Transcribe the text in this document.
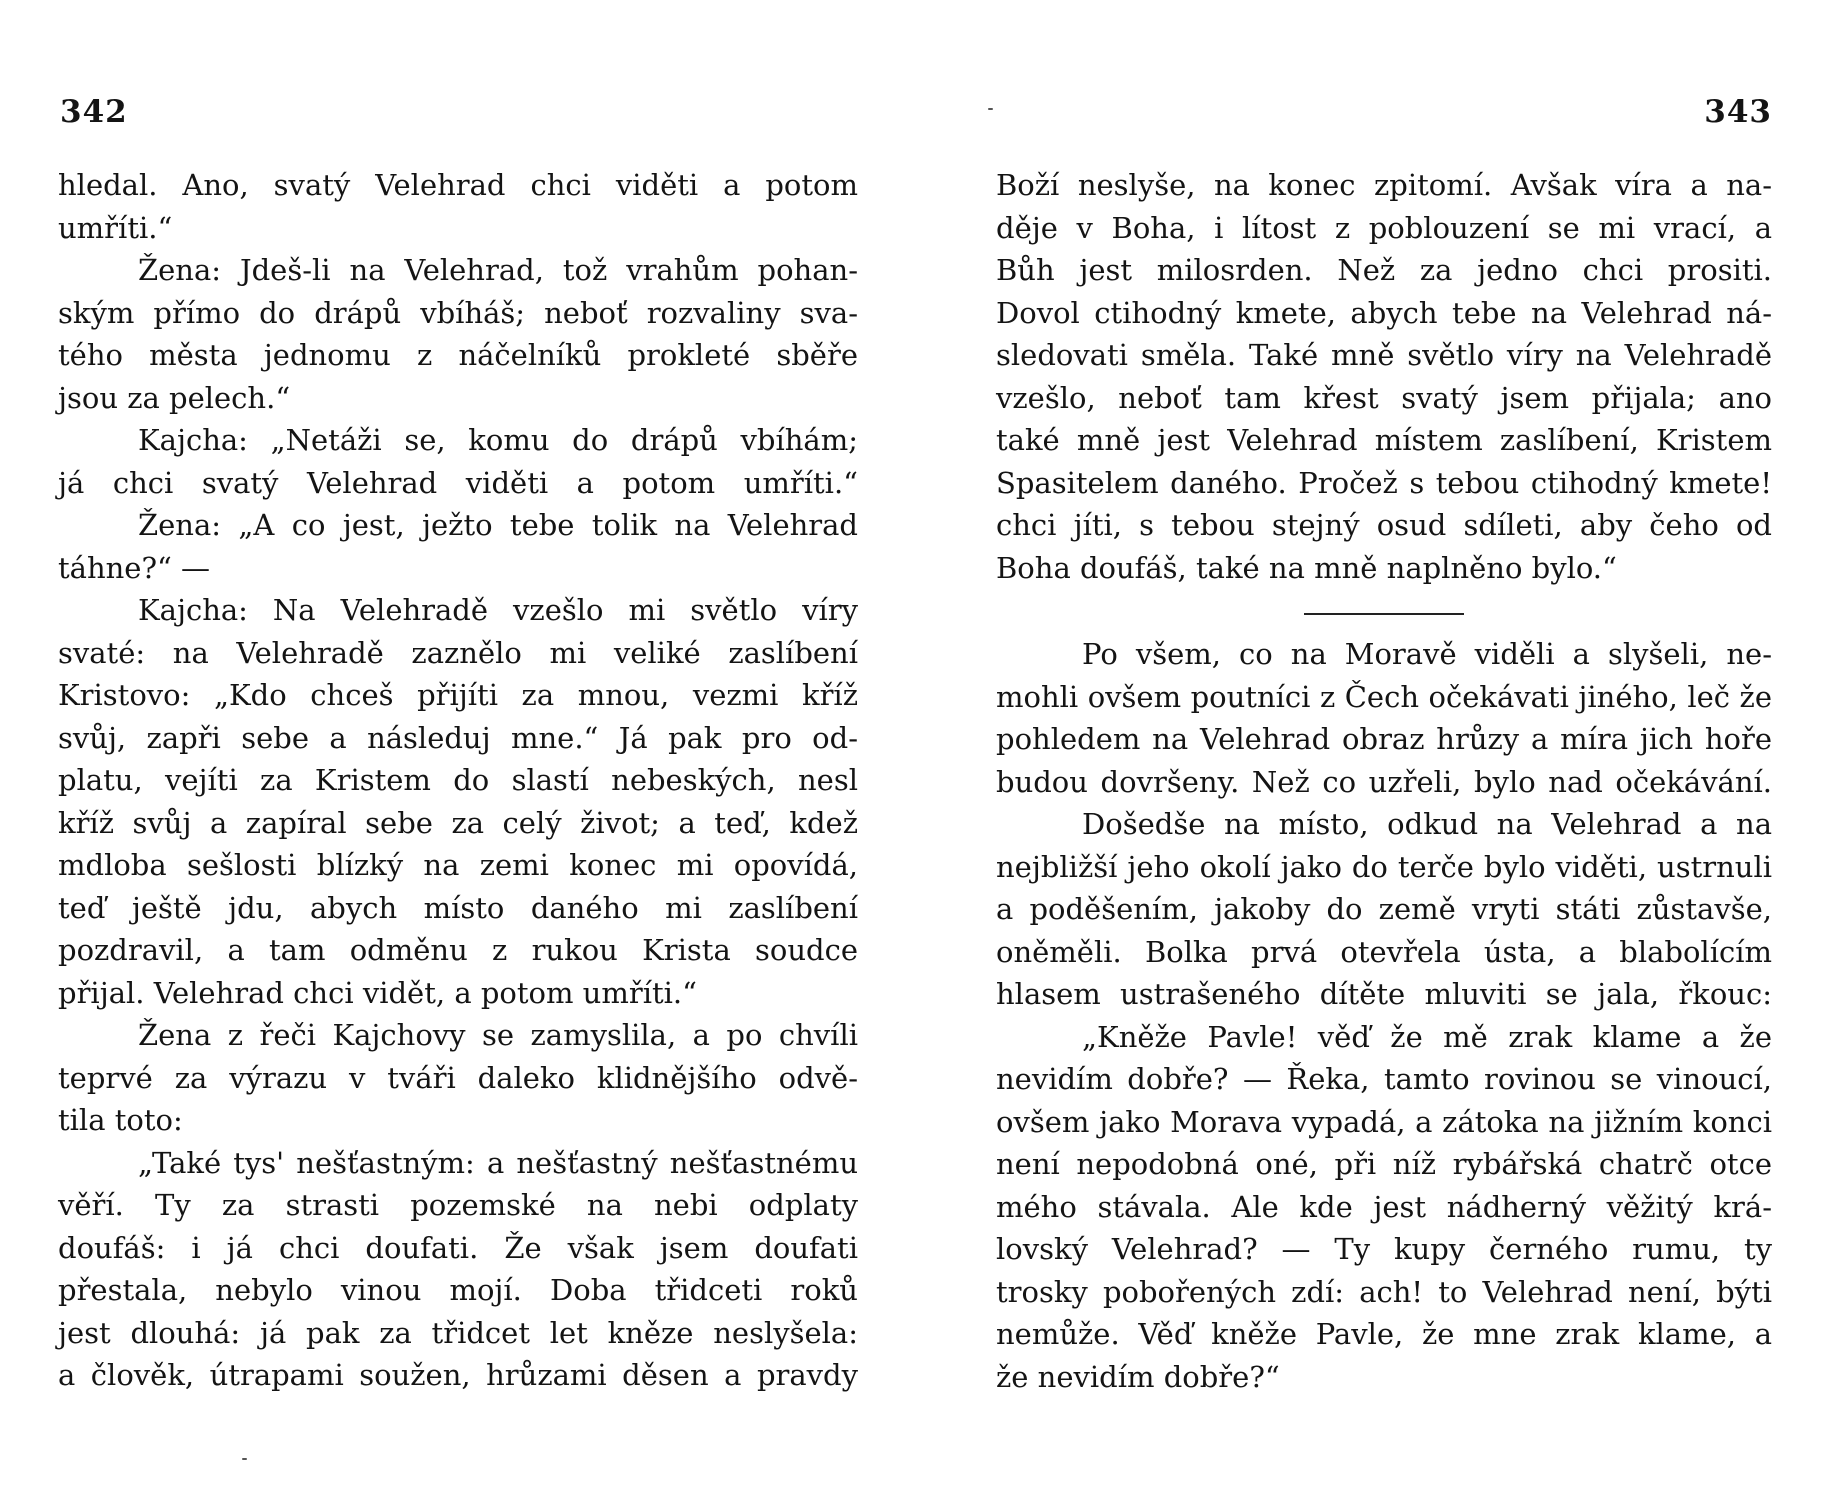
342
hledal. Ano, svatý Velehrad chci viděti a potom
umříti.“
Žena: Jdeš-li na Velehrad, tož vrahům pohan-
ským přímo do drápů vbíháš; neboť rozvaliny sva-
tého města jednomu z náčelníků prokleté sběře
jsou za pelech.“
Kajcha: „Netáži se, komu do drápů vbíhám;
já chci svatý Velehrad viděti a potom umříti.“
Žena: „A co jest, ježto tebe tolik na Velehrad
táhne?“ —
Kajcha: Na Velehradě vzešlo mi světlo víry
svaté: na Velehradě zaznělo mi veliké zaslíbení
Kristovo: „Kdo chceš přijíti za mnou, vezmi kříž
svůj, zapři sebe a následuj mne.“ Já pak pro od-
platu, vejíti za Kristem do slastí nebeských, nesl
kříž svůj a zapíral sebe za celý život; a teď, kdež
mdloba sešlosti blízký na zemi konec mi opovídá,
teď ještě jdu, abych místo daného mi zaslíbení
pozdravil, a tam odměnu z rukou Krista soudce
přijal. Velehrad chci vidět, a potom umříti.“
Žena z řeči Kajchovy se zamyslila, a po chvíli
teprvé za výrazu v tváři daleko klidnějšího odvě-
tila toto:
„Také tys' nešťastným: a nešťastný nešťastnému
věří. Ty za strasti pozemské na nebi odplaty
doufáš: i já chci doufati. Že však jsem doufati
přestala, nebylo vinou mojí. Doba třidceti roků
jest dlouhá: já pak za třidcet let kněze neslyšela:
a člověk, útrapami soužen, hrůzami děsen a pravdy
343
Boží neslyše, na konec zpitomí. Avšak víra a na-
děje v Boha, i lítost z poblouzení se mi vrací, a
Bůh jest milosrden. Než za jedno chci prositi.
Dovol ctihodný kmete, abych tebe na Velehrad ná-
sledovati směla. Také mně světlo víry na Velehradě
vzešlo, neboť tam křest svatý jsem přijala; ano
také mně jest Velehrad místem zaslíbení, Kristem
Spasitelem daného. Pročež s tebou ctihodný kmete!
chci jíti, s tebou stejný osud sdíleti, aby čeho od
Boha doufáš, také na mně naplněno bylo.“
Po všem, co na Moravě viděli a slyšeli, ne-
mohli ovšem poutníci z Čech očekávati jiného, leč že
pohledem na Velehrad obraz hrůzy a míra jich hoře
budou dovršeny. Než co uzřeli, bylo nad očekávání.
Došedše na místo, odkud na Velehrad a na
nejbližší jeho okolí jako do terče bylo viděti, ustrnuli
a poděšením, jakoby do země vryti státi zůstavše,
oněměli. Bolka prvá otevřela ústa, a blabolícím
hlasem ustrašeného dítěte mluviti se jala, řkouc:
„Kněže Pavle! věď že mě zrak klame a že
nevidím dobře? — Řeka, tamto rovinou se vinoucí,
ovšem jako Morava vypadá, a zátoka na jižním konci
není nepodobná oné, při níž rybářská chatrč otce
mého stávala. Ale kde jest nádherný věžitý krá-
lovský Velehrad? — Ty kupy černého rumu, ty
trosky pobořených zdí: ach! to Velehrad není, býti
nemůže. Věď kněže Pavle, že mne zrak klame, a
že nevidím dobře?“
